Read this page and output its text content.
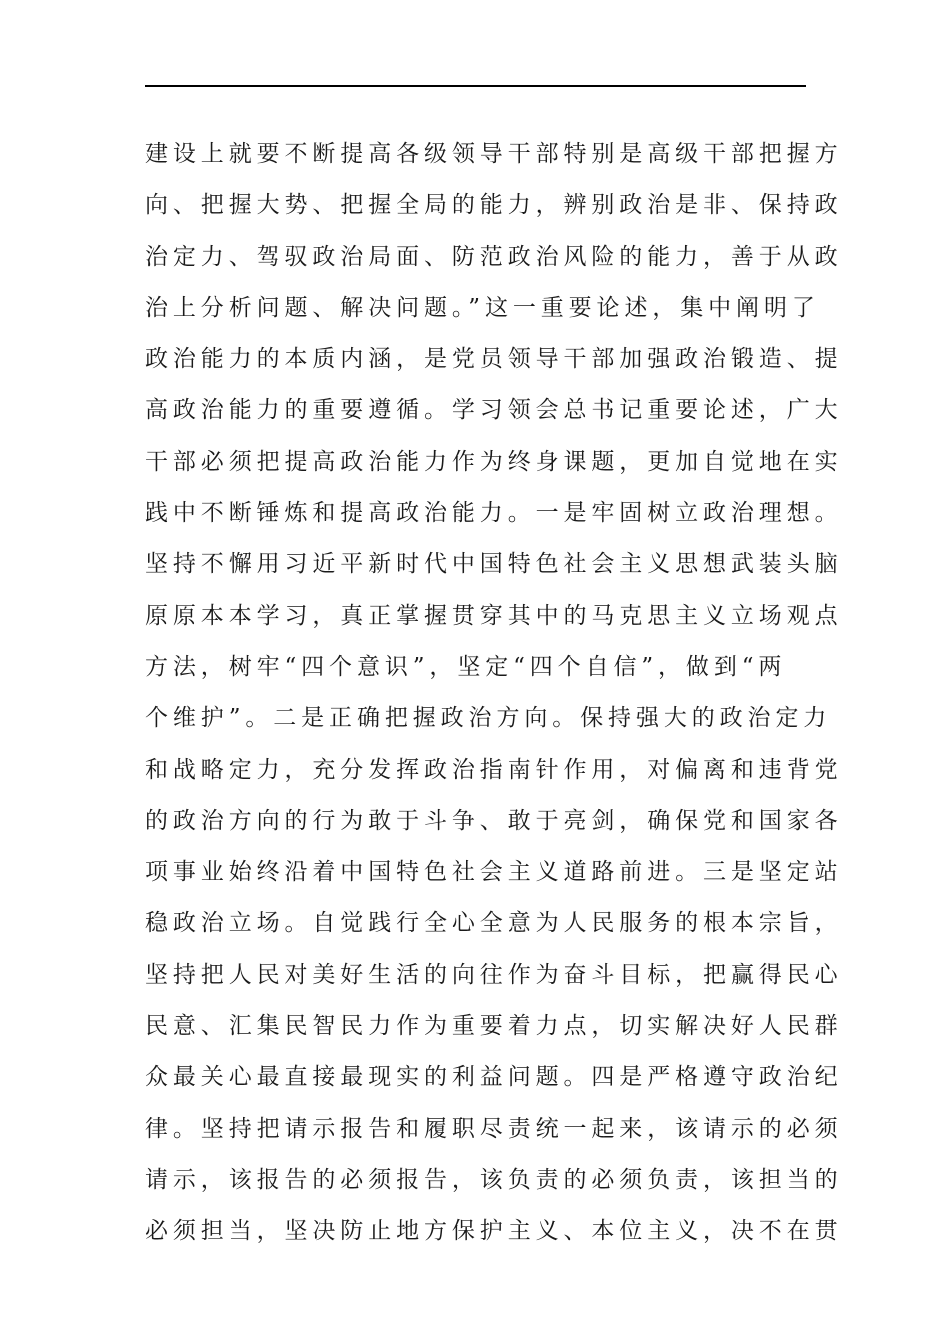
建设上就要不断提高各级领导干部特别是高级干部把握方
向、把握大势、把握全局的能力，辨别政治是非、保持政
治定力、驾驭政治局面、防范政治风险的能力，善于从政
治上分析问题、解决问题。”这一重要论述，集中阐明了
政治能力的本质内涵，是党员领导干部加强政治锻造、提
高政治能力的重要遵循。学习领会总书记重要论述，广大
干部必须把提高政治能力作为终身课题，更加自觉地在实
践中不断锤炼和提高政治能力。一是牢固树立政治理想。
坚持不懈用习近平新时代中国特色社会主义思想武装头脑
原原本本学习，真正掌握贯穿其中的马克思主义立场观点
方法，树牢“四个意识”，坚定“四个自信”，做到“两
个维护”。二是正确把握政治方向。保持强大的政治定力
和战略定力，充分发挥政治指南针作用，对偏离和违背党
的政治方向的行为敢于斗争、敢于亮剑，确保党和国家各
项事业始终沿着中国特色社会主义道路前进。三是坚定站
稳政治立场。自觉践行全心全意为人民服务的根本宗旨，
坚持把人民对美好生活的向往作为奋斗目标，把赢得民心
民意、汇集民智民力作为重要着力点，切实解决好人民群
众最关心最直接最现实的利益问题。四是严格遵守政治纪
律。坚持把请示报告和履职尽责统一起来，该请示的必须
请示，该报告的必须报告，该负责的必须负责，该担当的
必须担当，坚决防止地方保护主义、本位主义，决不在贯
